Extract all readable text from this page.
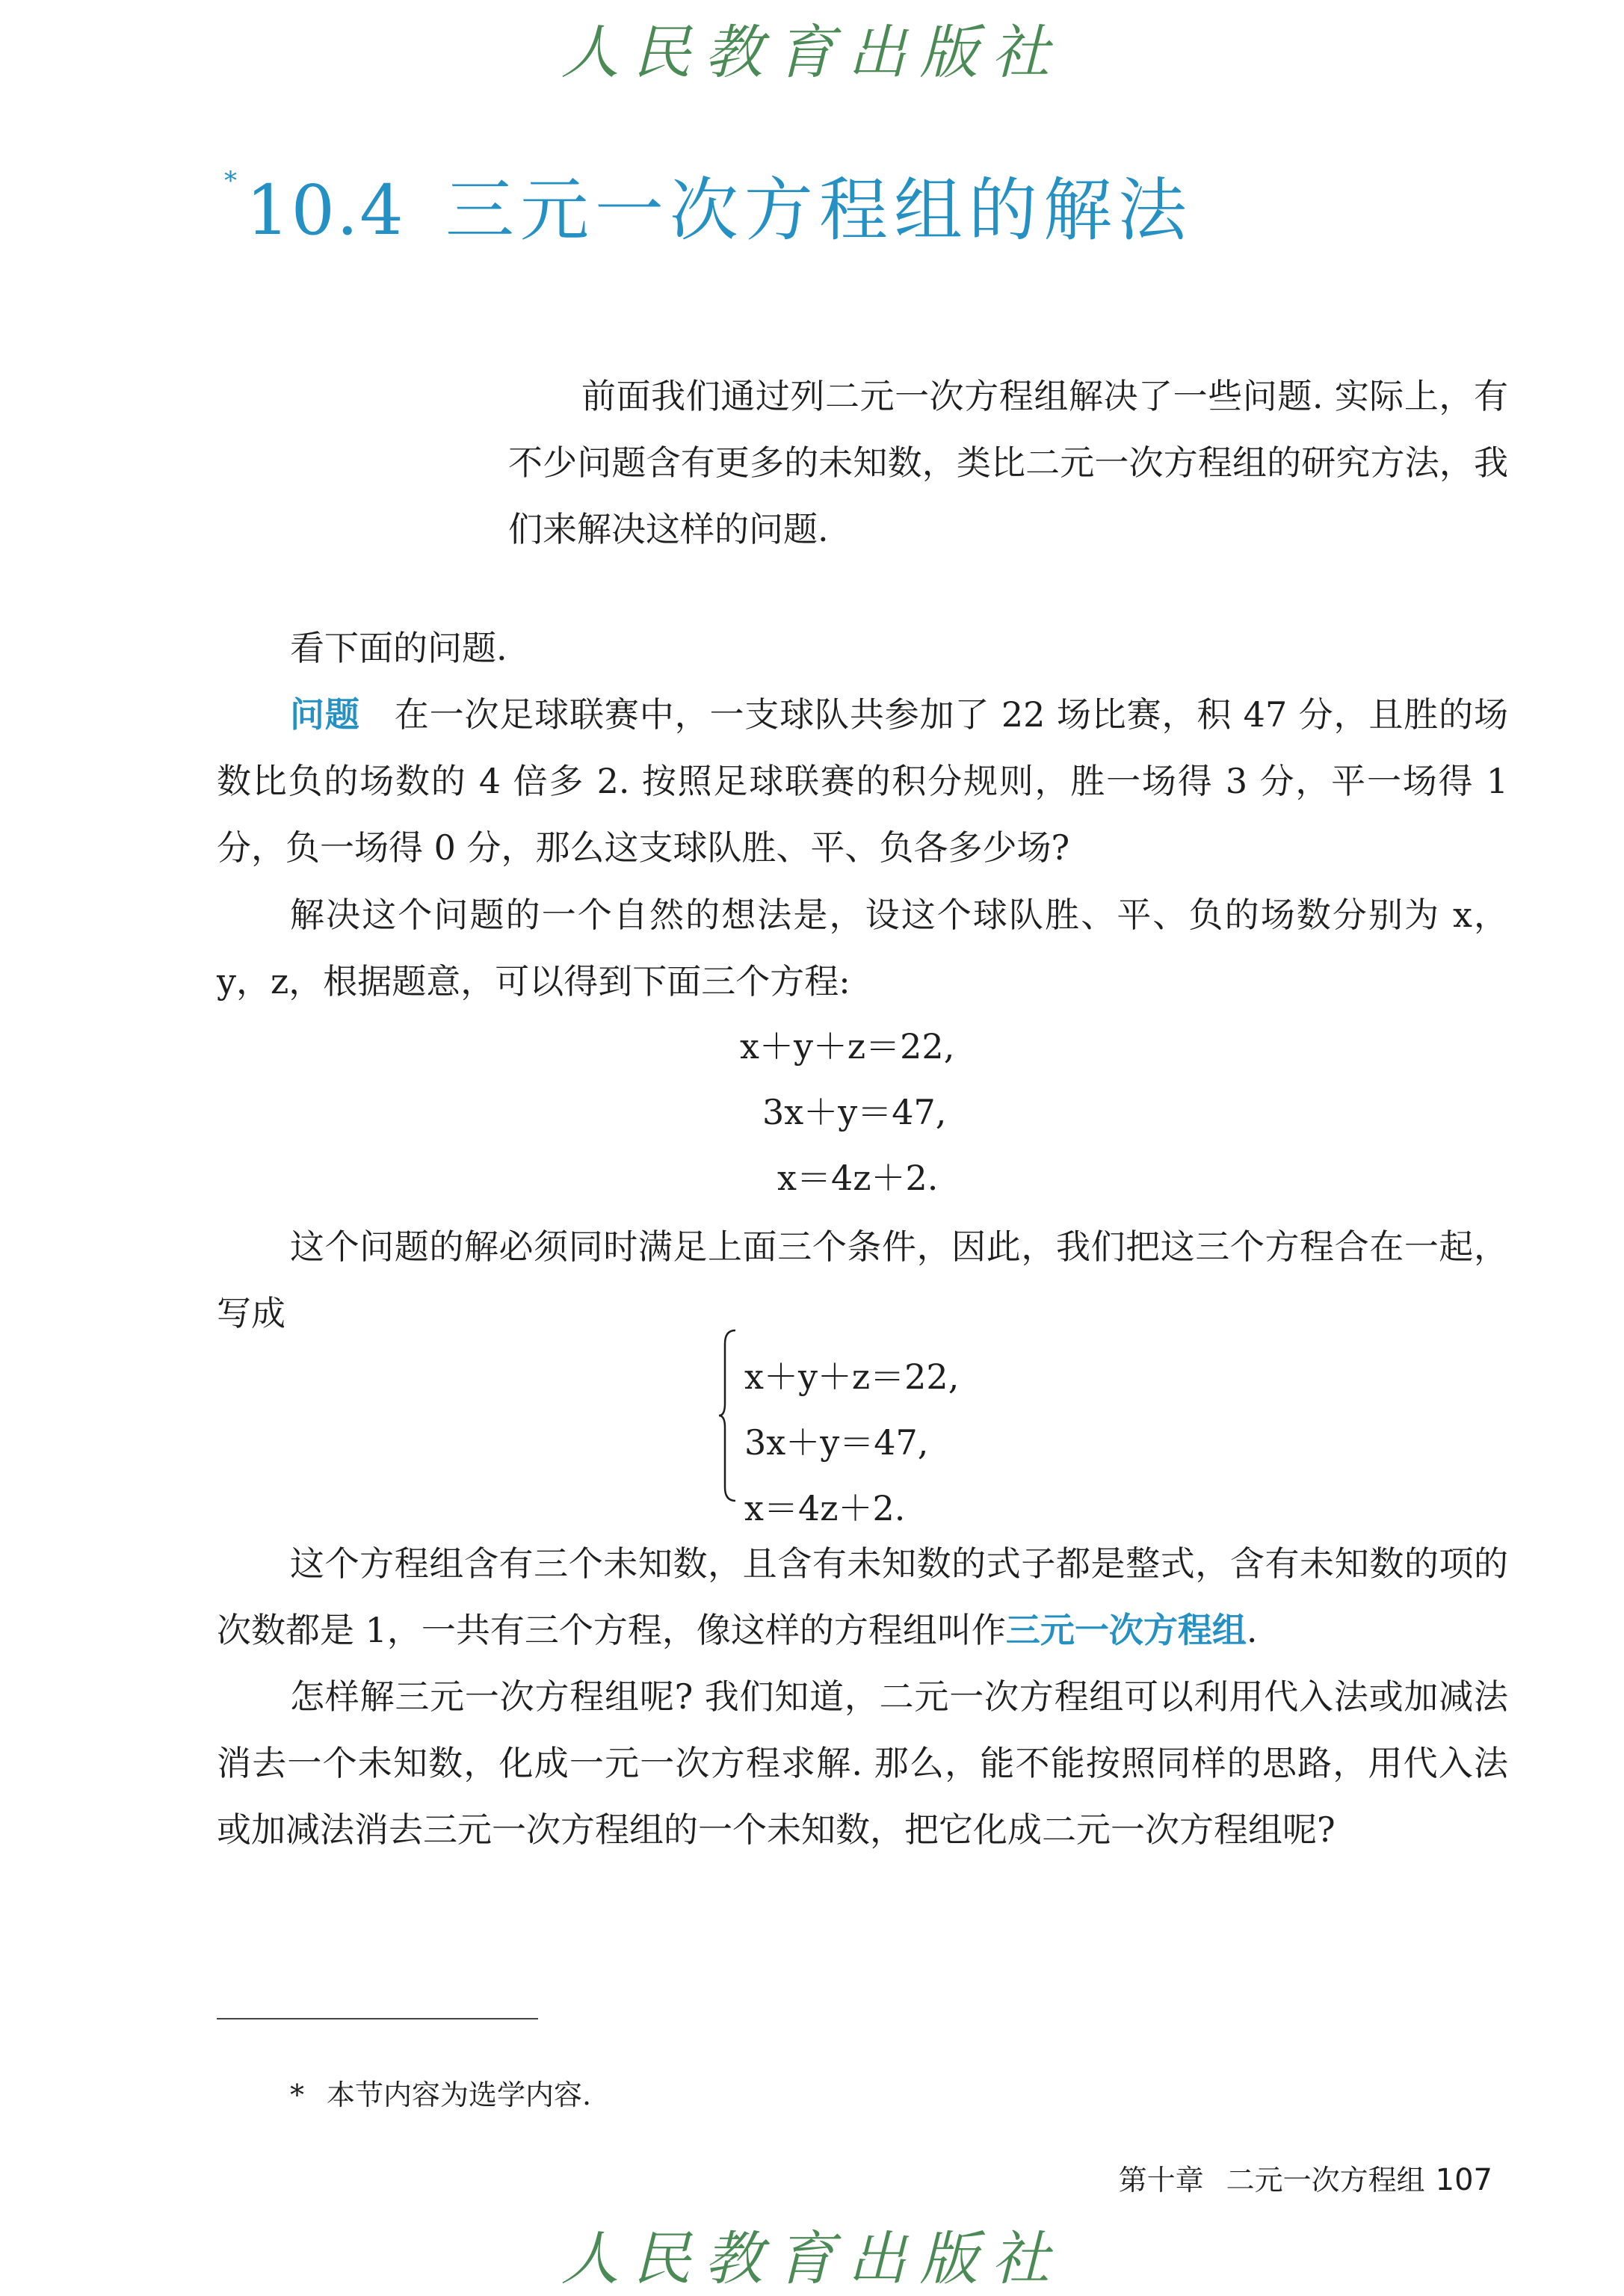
人民教育出版社
*10.4 三元一次方程组的解法
前面我们通过列二元一次方程组解决了一些问题. 实际上，有不少问题含有更多的未知数，类比二元一次方程组的研究方法，我们来解决这样的问题.
看下面的问题.
问题 在一次足球联赛中，一支球队共参加了 22 场比赛，积 47 分，且胜的场数比负的场数的 4 倍多 2. 按照足球联赛的积分规则，胜一场得 3 分，平一场得 1 分，负一场得 0 分，那么这支球队胜、平、负各多少场?
解决这个问题的一个自然的想法是，设这个球队胜、平、负的场数分别为 x，y，z，根据题意，可以得到下面三个方程:
x＋y＋z＝22,
3x＋y＝47,
x＝4z＋2.
这个问题的解必须同时满足上面三个条件，因此，我们把这三个方程合在一起，写成
x＋y＋z＝22,
3x＋y＝47,
x＝4z＋2.
这个方程组含有三个未知数，且含有未知数的式子都是整式，含有未知数的项的次数都是 1，一共有三个方程，像这样的方程组叫作三元一次方程组.
怎样解三元一次方程组呢? 我们知道，二元一次方程组可以利用代入法或加减法消去一个未知数，化成一元一次方程求解. 那么，能不能按照同样的思路，用代入法或加减法消去三元一次方程组的一个未知数，把它化成二元一次方程组呢?
* 本节内容为选学内容.
第十章 二元一次方程组 107
人民教育出版社
